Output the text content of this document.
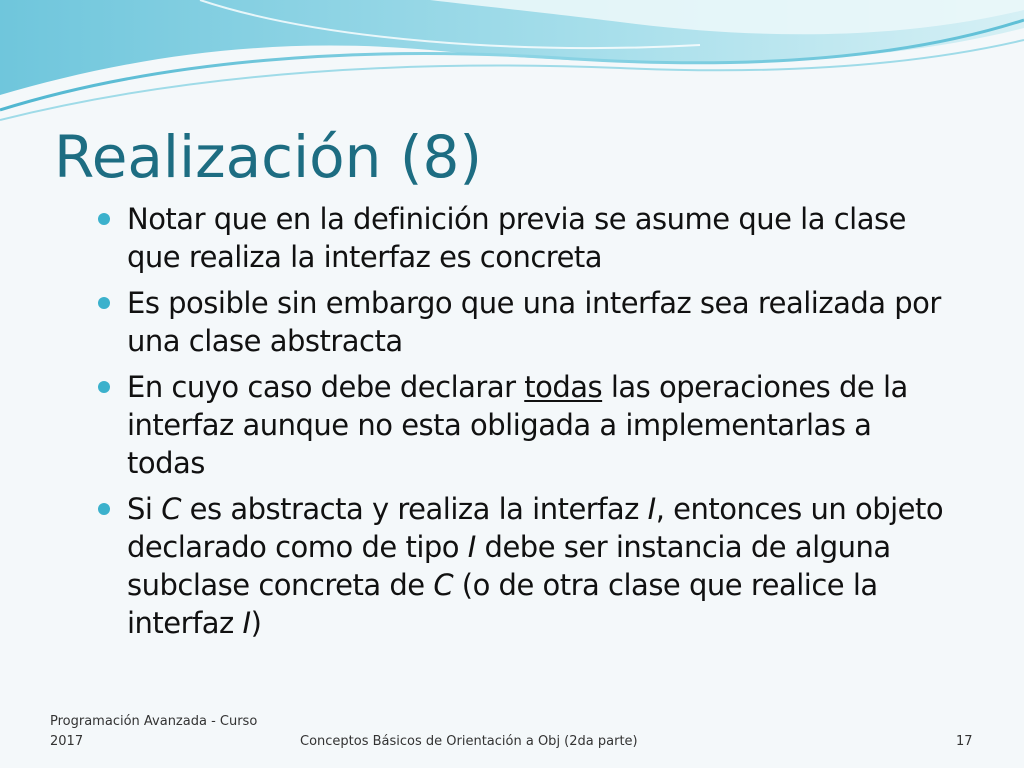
Realización (8)
Notar que en la definición previa se asume que la clase que realiza la interfaz es concreta
Es posible sin embargo que una interfaz sea realizada por una clase abstracta
En cuyo caso debe declarar todas las operaciones de la interfaz aunque no esta obligada a implementarlas a todas
Si C es abstracta y realiza la interfaz I, entonces un objeto declarado como de tipo I debe ser instancia de alguna subclase concreta de C (o de otra clase que realice la interfaz I)
Programación Avanzada - Curso 2017	Conceptos Básicos de Orientación a Obj (2da parte)	17
